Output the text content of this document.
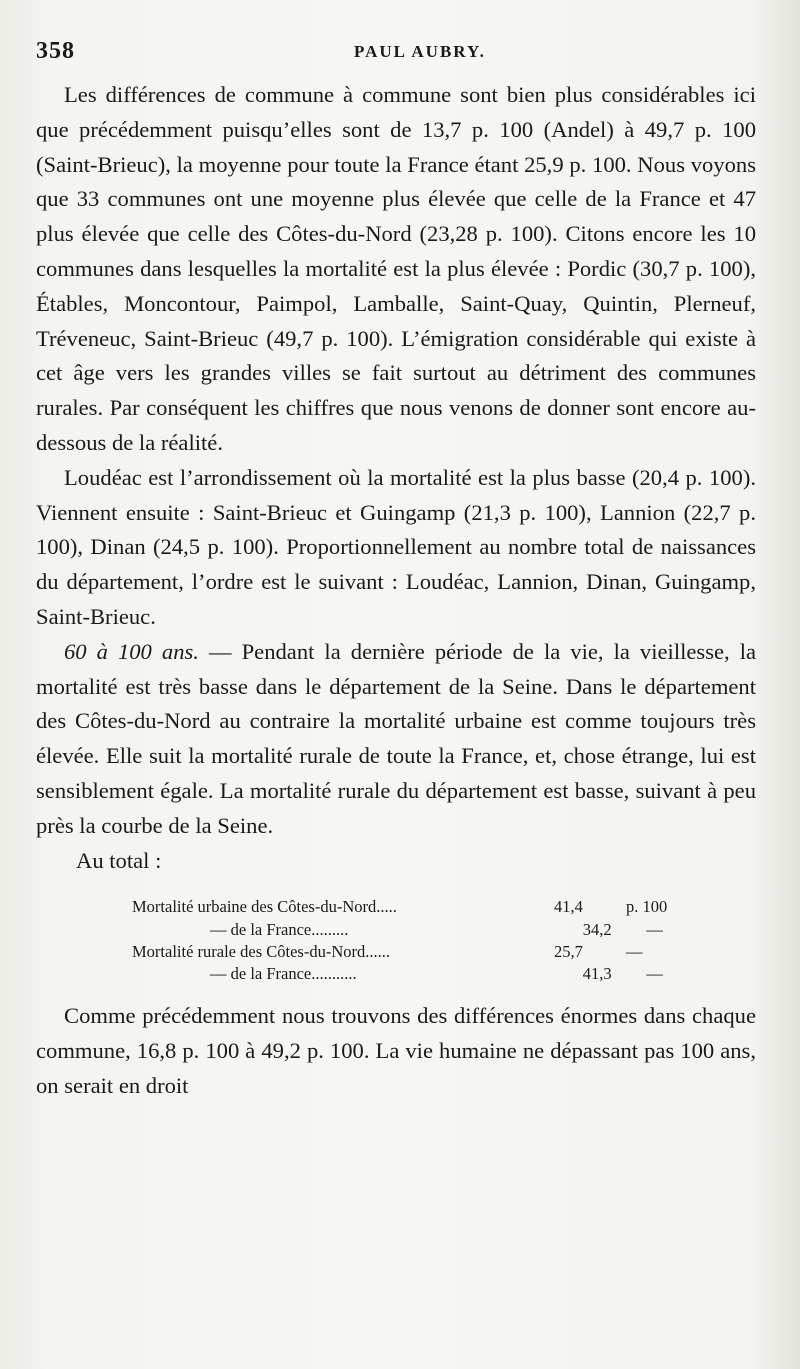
358	PAUL AUBRY.

Les différences de commune à commune sont bien plus considérables ici que précédemment puisqu’elles sont de 13,7 p. 100 (Andel) à 49,7 p. 100 (Saint-Brieuc), la moyenne pour toute la France étant 25,9 p. 100. Nous voyons que 33 communes ont une moyenne plus élevée que celle de la France et 47 plus élevée que celle des Côtes-du-Nord (23,28 p. 100). Citons encore les 10 communes dans lesquelles la mortalité est la plus élevée : Pordic (30,7 p. 100), Étables, Moncontour, Paimpol, Lamballe, Saint-Quay, Quintin, Plerneuf, Tréveneuc, Saint-Brieuc (49,7 p. 100). L’émigration considérable qui existe à cet âge vers les grandes villes se fait surtout au détriment des communes rurales. Par conséquent les chiffres que nous venons de donner sont encore au-dessous de la réalité.

Loudéac est l’arrondissement où la mortalité est la plus basse (20,4 p. 100). Viennent ensuite : Saint-Brieuc et Guingamp (21,3 p. 100), Lannion (22,7 p. 100), Dinan (24,5 p. 100). Proportionnellement au nombre total de naissances du département, l’ordre est le suivant : Loudéac, Lannion, Dinan, Guingamp, Saint-Brieuc.

60 à 100 ans. — Pendant la dernière période de la vie, la vieillesse, la mortalité est très basse dans le département de la Seine. Dans le département des Côtes-du-Nord au contraire la mortalité urbaine est comme toujours très élevée. Elle suit la mortalité rurale de toute la France, et, chose étrange, lui est sensiblement égale. La mortalité rurale du département est basse, suivant à peu près la courbe de la Seine.

Au total :

Mortalité urbaine des Côtes-du-Nord.....	41,4	p. 100
— de la France.........	34,2	—
Mortalité rurale des Côtes-du-Nord......	25,7	—
— de la France...........	41,3	—

Comme précédemment nous trouvons des différences énormes dans chaque commune, 16,8 p. 100 à 49,2 p. 100. La vie humaine ne dépassant pas 100 ans, on serait en droit
